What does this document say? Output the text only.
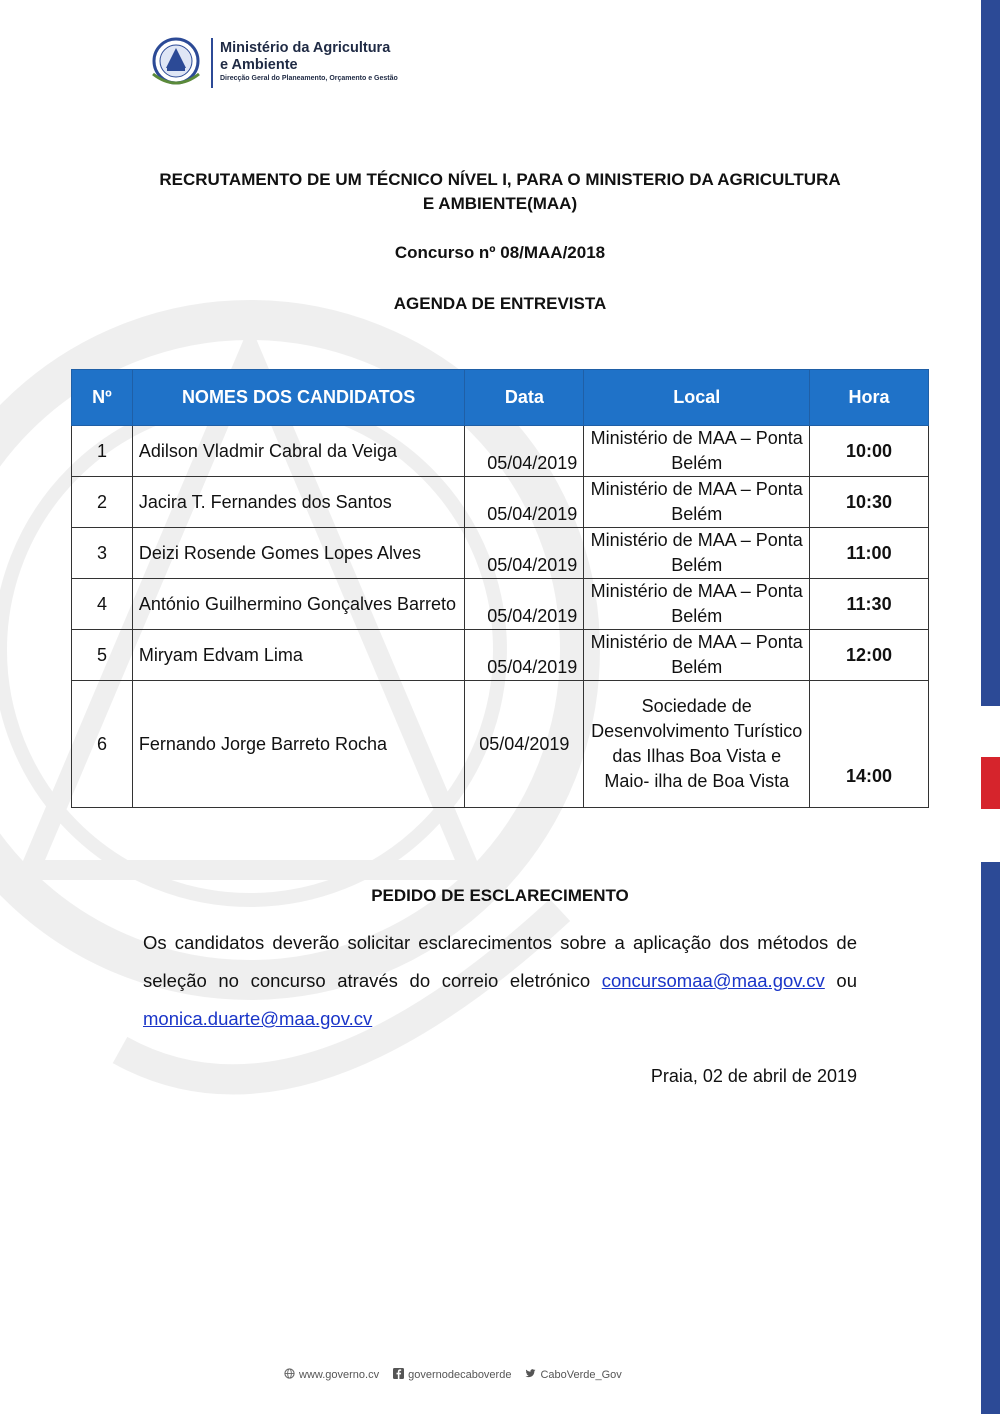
Ministério da Agricultura
e Ambiente
Direcção Geral do Planeamento, Orçamento e Gestão
RECRUTAMENTO DE UM TÉCNICO NÍVEL I, PARA O MINISTERIO DA AGRICULTURA
E AMBIENTE(MAA)
Concurso nº 08/MAA/2018
AGENDA DE ENTREVISTA
Nº	NOMES DOS CANDIDATOS	Data	Local	Hora
1	Adilson Vladmir Cabral da Veiga	05/04/2019	Ministério de MAA – Ponta Belém	10:00
2	Jacira T. Fernandes dos Santos	05/04/2019	Ministério de MAA – Ponta Belém	10:30
3	Deizi Rosende Gomes Lopes Alves	05/04/2019	Ministério de MAA – Ponta Belém	11:00
4	António Guilhermino Gonçalves Barreto	05/04/2019	Ministério de MAA – Ponta Belém	11:30
5	Miryam Edvam Lima	05/04/2019	Ministério de MAA – Ponta Belém	12:00
6	Fernando Jorge Barreto Rocha	05/04/2019	Sociedade de Desenvolvimento Turístico das Ilhas Boa Vista e Maio- ilha de Boa Vista	14:00
PEDIDO DE ESCLARECIMENTO
Os candidatos deverão solicitar esclarecimentos sobre a aplicação dos métodos de seleção no concurso através do correio eletrónico concursomaa@maa.gov.cv ou monica.duarte@maa.gov.cv
Praia, 02 de abril de 2019
www.governo.cv	governodecaboverde	CaboVerde_Gov
